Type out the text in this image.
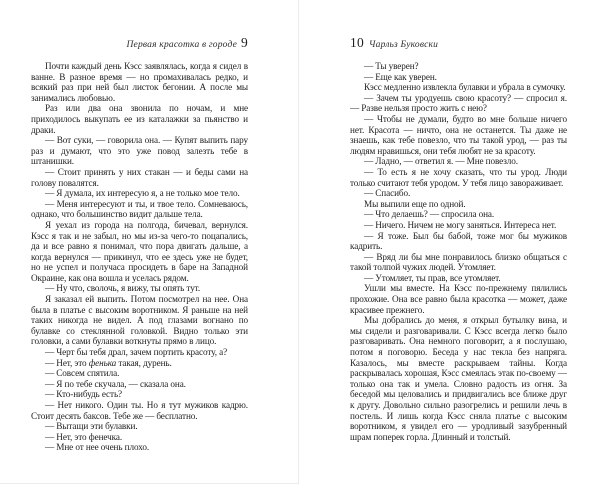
Первая красотка в городе 9

Почти каждый день Кэсс заявлялась, когда я сидел в ванне. В разное время — но промахивалась редко, и всякий раз при ней был листок бегонии. А после мы занимались любовью.

Раз или два она звонила по ночам, и мне приходилось выкупать ее из каталажки за пьянство и драки.

— Вот суки, — говорила она. — Купят выпить пару раз и думают, что это уже повод залезть тебе в штанишки.

— Стоит принять у них стакан — и беды сами на голову повалятся.

— Я думала, их интересую я, а не только мое тело.

— Меня интересуют и ты, и твое тело. Сомневаюсь, однако, что большинство видит дальше тела.

Я уехал из города на полгода, бичевал, вернулся. Кэсс я так и не забыл, но мы из-за чего-то поцапались, да и все равно я понимал, что пора двигать дальше, а когда вернулся — прикинул, что ее здесь уже не будет, но не успел и получаса просидеть в баре на Западной Окраине, как она вошла и уселась рядом.

— Ну что, сволочь, я вижу, ты опять тут.

Я заказал ей выпить. Потом посмотрел на нее. Она была в платье с высоким воротником. Я раньше на ней таких никогда не видел. А под глазами вогнано по булавке со стеклянной головкой. Видно только эти головки, а сами булавки воткнуты прямо в лицо.

— Черт бы тебя драл, зачем портить красоту, а?

— Нет, это фенька такая, дурень.

— Совсем спятила.

— Я по тебе скучала, — сказала она.

— Кто-нибудь есть?

— Нет никого. Один ты. Но я тут мужиков кадрю. Стоит десять баксов. Тебе же — бесплатно.

— Вытащи эти булавки.

— Нет, это фенечка.

— Мне от нее очень плохо.

10 Чарльз Буковски

— Ты уверен?

— Еще как уверен.

Кэсс медленно извлекла булавки и убрала в сумочку.

— Зачем ты уродуешь свою красоту? — спросил я. — Разве нельзя просто жить с нею?

— Чтобы не думали, будто во мне больше ничего нет. Красота — ничто, она не останется. Ты даже не знаешь, как тебе повезло, что ты такой урод, — раз ты людям нравишься, они тебя любят не за красоту.

— Ладно, — ответил я. — Мне повезло.

— То есть я не хочу сказать, что ты урод. Люди только считают тебя уродом. У тебя лицо завораживает.

— Спасибо.

Мы выпили еще по одной.

— Что делаешь? — спросила она.

— Ничего. Ничем не могу заняться. Интереса нет.

— Я тоже. Был бы бабой, тоже мог бы мужиков кадрить.

— Вряд ли бы мне понравилось близко общаться с такой толпой чужих людей. Утомляет.

— Утомляет, ты прав, все утомляет.

Ушли мы вместе. На Кэсс по-прежнему пялились прохожие. Она все равно была красотка — может, даже красивее прежнего.

Мы добрались до меня, я открыл бутылку вина, и мы сидели и разговаривали. С Кэсс всегда легко было разговаривать. Она немного поговорит, а я послушаю, потом я поговорю. Беседа у нас текла без напряга. Казалось, мы вместе раскрываем тайны. Когда раскрывалась хорошая, Кэсс смеялась этак по-своему — только она так и умела. Словно радость из огня. За беседой мы целовались и придвигались все ближе друг к другу. Довольно сильно разогрелись и решили лечь в постель. И лишь когда Кэсс сняла платье с высоким воротником, я увидел его — уродливый зазубренный шрам поперек горла. Длинный и толстый.
